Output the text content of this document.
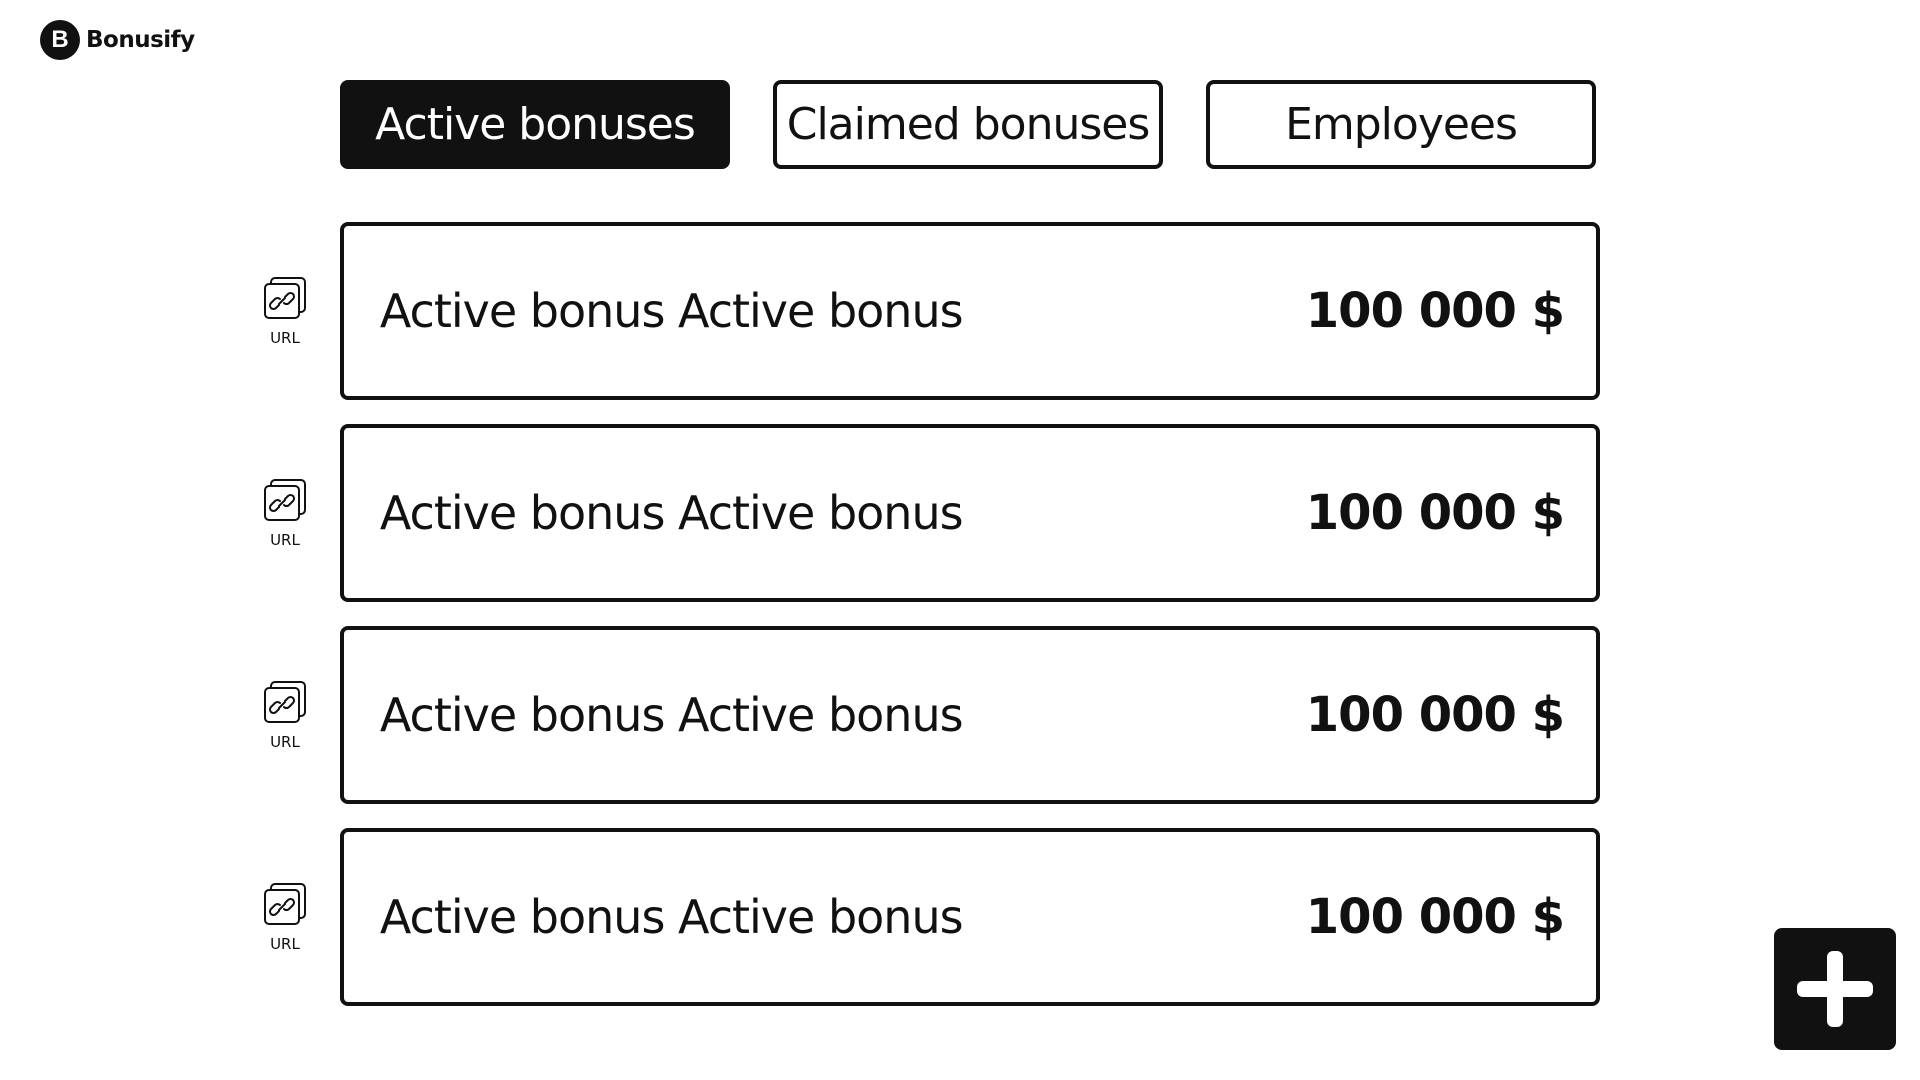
B Bonusify
Active bonuses	Claimed bonuses	Employees
URL Active bonus Active bonus	100 000 $
URL Active bonus Active bonus	100 000 $
URL Active bonus Active bonus	100 000 $
URL Active bonus Active bonus	100 000 $
